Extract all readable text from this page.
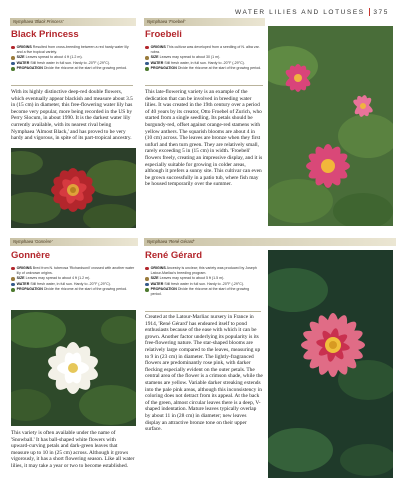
WATER LILIES AND LOTUSES 375
Nymphaea 'Black Princess'
Black Princess
ORIGINS Resulted from cross-breeding between a red hardy water lily and a five tropical variety.
SIZE Leaves spread to about 4 ft (1.2 m).
WATER Still fresh water in full sun. Hardy to -20°F (-29°C).
PROPAGATION Divide the rhizome at the start of the growing period.
With its highly distinctive deep-red double flowers, which eventually appear blackish and measure about 3.5 in (15 cm) in diameter, this free-flowering water lily has become very popular, more being recorded in the US by Perry Slocum, in about 1990. It is the darkest water lily currently available, with its nearest rival being Nymphaea 'Almost Black,' and has proved to be very hardy and vigorous, in spite of its part-tropical ancestry.
Nymphaea 'Froebeli'
Froebeli
ORIGINS This cultivar was developed from a seedling of N. alba var. rubra.
SIZE Leaves may spread to about 30 (1 m).
WATER Still fresh water, in full sun. Hardy to -20°F (-29°C).
PROPAGATION Divide the rhizome at the start of the growing period.
This late-flowering variety is an example of the dedication that can be involved in breeding water lilies. It was created in the 19th century over a period of 40 years by its creator, Otto Froebel of Zurich, who started from a single seedling. Its petals should be burgundy-red, offset against orange-red stamens with yellow anthers. The squarish blooms are about 4 in (10 cm) across. The leaves are bronze when they first unfurl and then turn green. They are relatively small, rarely exceeding 5 in (15 cm) in width. 'Froebeli' flowers freely, creating an impressive display, and it is especially suitable for growing in colder areas, although it prefers a sunny site. This cultivar can even be grown successfully in a patio tub, where fish may be housed temporarily over the summer.
Nymphaea 'Gonnère'
Gonnère
ORIGINS Bred from N. tuberosa 'Richardsonii' crossed with another water lily of unknown origins.
SIZE Leaves may spread to about 4 ft (1.2 m).
WATER Still fresh water, in full sun. Hardy to -20°F (-29°C).
PROPAGATION Divide the rhizome at the start of the growing period.
This variety is often available under the name of 'Snowball.' It has ball-shaped white flowers with upward-curving petals and dark-green leaves that measure up to 10 in (25 cm) across. Although it grows vigorously, it has a short flowering season. Like all water lilies, it may take a year or two to become established.
Nymphaea 'René Gérard'
René Gérard
ORIGINS Ancestry is unclear; this variety was produced by Joseph Latour-Marliac's breeding program.
SIZE Leaves may spread to about 5 ft (1.5 m).
WATER Still fresh water in full sun. Hardy to -20°F (-29°C).
PROPAGATION Divide the rhizome at the start of the growing period.
Created at the Latour-Marliac nursery in France in 1914, 'René Gérard' has endeared itself to pond enthusiasts because of the ease with which it can be grown. Another factor underlying its popularity is its free-flowering nature. The star-shaped blooms are relatively large compared to the leaves, measuring up to 9 in (23 cm) in diameter. The lightly-fragranced flowers are predominantly rose pink, with darker flecking especially evident on the outer petals. The central area of the flower is a crimson shade, while the stamens are yellow. Variable darker streaking extends into the pale pink areas, although this inconsistency in coloring does not detract from its appeal. At the back of the green, almost circular leaves there is a deep, V-shaped indentation. Mature leaves typically overlap by about 11 in (28 cm) in diameter; new leaves display an attractive bronze tone on their upper surface.
